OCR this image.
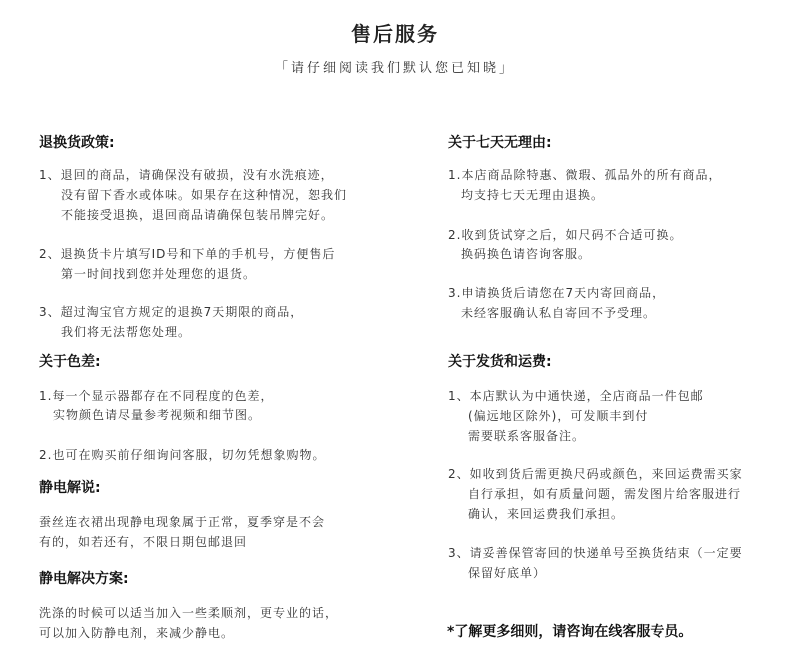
售后服务
「请仔细阅读我们默认您已知晓」
退换货政策:
1、退回的商品，请确保没有破损，没有水洗痕迹，
没有留下香水或体味。如果存在这种情况，恕我们
不能接受退换，退回商品请确保包装吊牌完好。
2、退换货卡片填写ID号和下单的手机号，方便售后
第一时间找到您并处理您的退货。
3、超过淘宝官方规定的退换7天期限的商品，
我们将无法帮您处理。
关于色差:
1.每一个显示器都存在不同程度的色差，
实物颜色请尽量参考视频和细节图。
2.也可在购买前仔细询问客服，切勿凭想象购物。
静电解说:
蚕丝连衣裙出现静电现象属于正常，夏季穿是不会
有的，如若还有，不限日期包邮退回
静电解决方案:
洗涤的时候可以适当加入一些柔顺剂，更专业的话，
可以加入防静电剂，来减少静电。
关于七天无理由:
1.本店商品除特惠、微瑕、孤品外的所有商品，
均支持七天无理由退换。
2.收到货试穿之后，如尺码不合适可换。
换码换色请咨询客服。
3.申请换货后请您在7天内寄回商品，
未经客服确认私自寄回不予受理。
关于发货和运费:
1、本店默认为中通快递，全店商品一件包邮
(偏远地区除外)，可发顺丰到付
需要联系客服备注。
2、如收到货后需更换尺码或颜色，来回运费需买家
自行承担，如有质量问题，需发图片给客服进行
确认，来回运费我们承担。
3、请妥善保管寄回的快递单号至换货结束（一定要
保留好底单）
*了解更多细则，请咨询在线客服专员。
